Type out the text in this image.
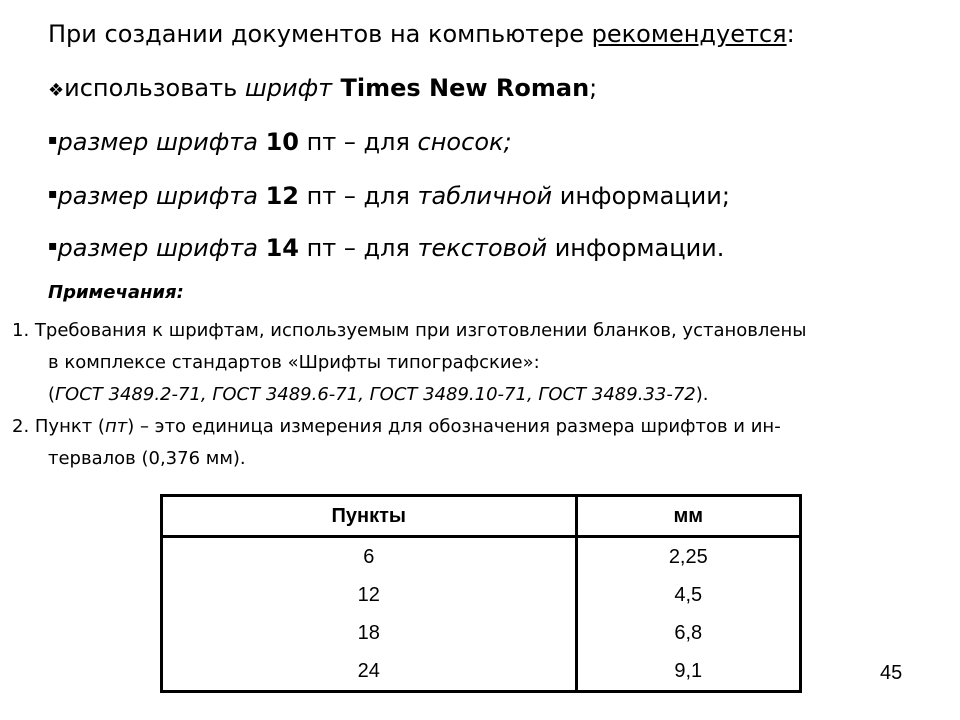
При создании документов на компьютере рекомендуется:
❖использовать шрифт Times New Roman;
▪размер шрифта 10 пт – для сносок;
▪размер шрифта 12 пт – для табличной информации;
▪размер шрифта 14 пт – для текстовой информации.
Примечания:
1. Требования к шрифтам, используемым при изготовлении бланков, установлены
в комплексе стандартов «Шрифты типографские»:
(ГОСТ 3489.2-71, ГОСТ 3489.6-71, ГОСТ 3489.10-71, ГОСТ 3489.33-72).
2. Пункт (пт) – это единица измерения для обозначения размера шрифтов и ин-
тервалов (0,376 мм).
Пункты	мм
6	2,25
12	4,5
18	6,8
24	9,1	45
